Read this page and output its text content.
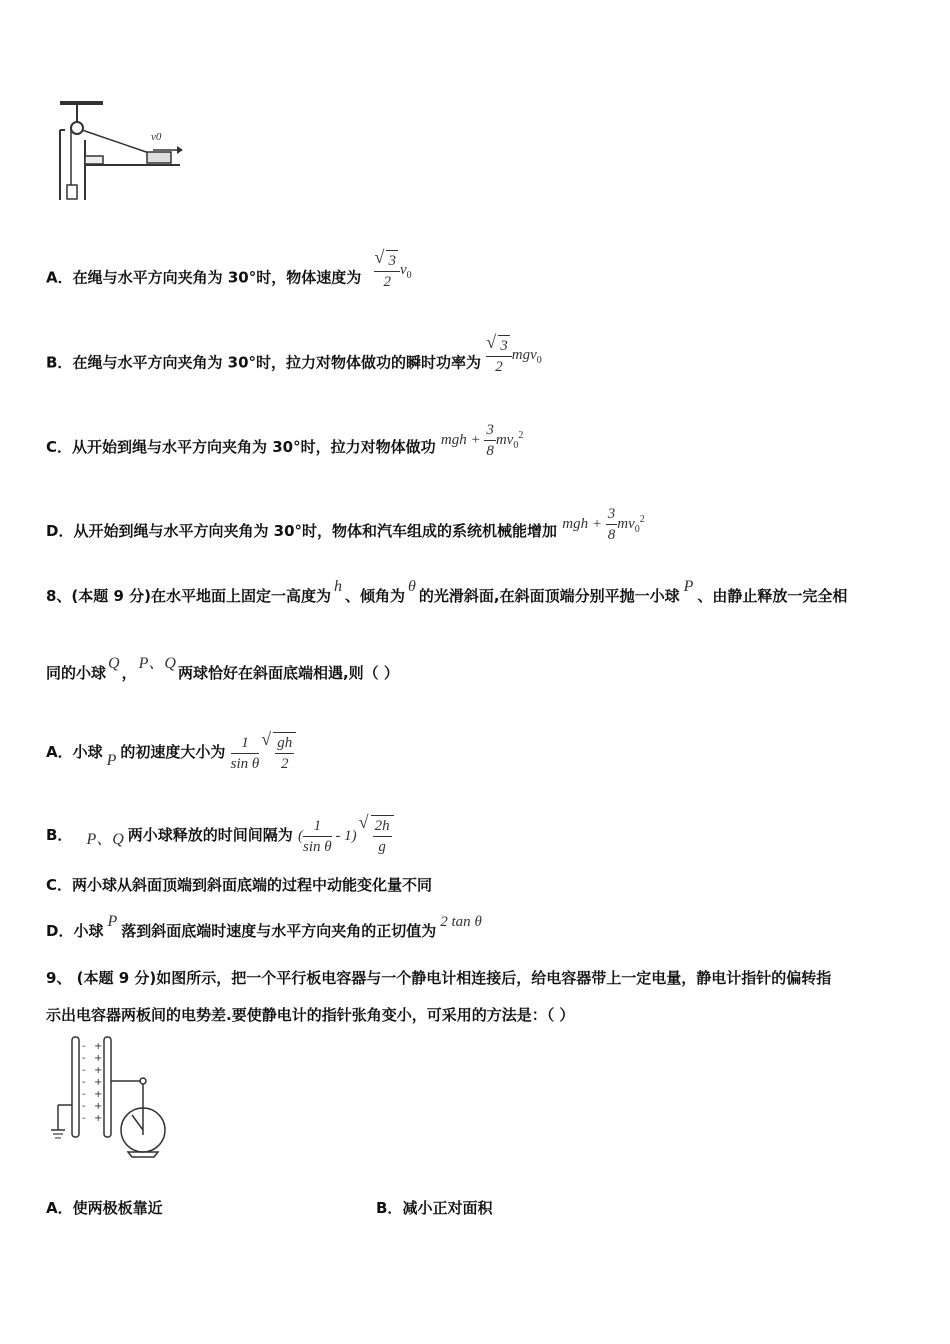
v0
A．在绳与水平方向夹角为 30°时，物体速度为 √ $\frac{3}{2} v_0$
B．在绳与水平方向夹角为 30°时，拉力对物体做功的瞬时功率为 √ $\frac{3}{2} mgv_0$
C．从开始到绳与水平方向夹角为 30°时，拉力对物体做功 mgh + $\frac{3}{8} mv_0^2$
D．从开始到绳与水平方向夹角为 30°时，物体和汽车组成的系统机械能增加 mgh + $\frac{3}{8} mv_0^2$
8、(本题 9 分)在水平地面上固定一高度为h、倾角为θ的光滑斜面,在斜面顶端分别平抛一小球P、由静止释放一完全相
同的小球Q，P、Q两球恰好在斜面底端相遇,则（ ）
A．小球 P 的初速度大小为 $\frac{1}{\text{sin θ}}$ √ $\frac{gh}{2}$
B． P、Q 两小球释放的时间间隔为 ( $\frac{1}{\text{sin θ}} - 1$) √ $\frac{2h}{g}$
C．两小球从斜面顶端到斜面底端的过程中动能变化量不同
D．小球P落到斜面底端时速度与水平方向夹角的正切值为 2 tan θ
9、 (本题 9 分)如图所示，把一个平行板电容器与一个静电计相连接后，给电容器带上一定电量，静电计指针的偏转指
示出电容器两板间的电势差.要使静电计的指针张角变小，可采用的方法是：（ ）
-
-
-
-
-
-
-
+
+
+
+
+
+
+
A．使两极板靠近	B．减小正对面积
